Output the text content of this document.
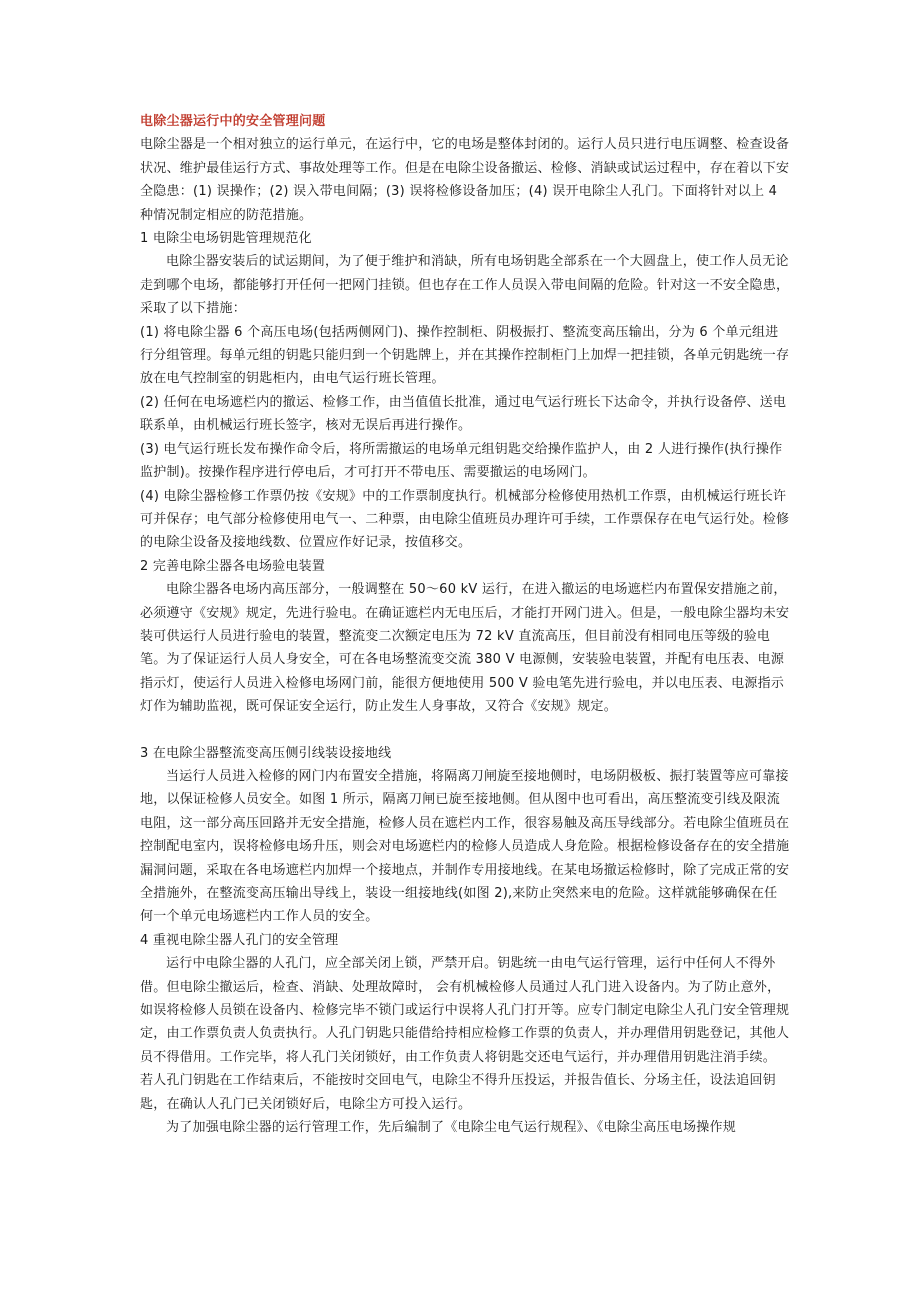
电除尘器运行中的安全管理问题

电除尘器是一个相对独立的运行单元，在运行中，它的电场是整体封闭的。运行人员只进行电压调整、检查设备状况、维护最佳运行方式、事故处理等工作。但是在电除尘设备撤运、检修、消缺或试运过程中，存在着以下安全隐患：(1) 误操作；(2) 误入带电间隔；(3) 误将检修设备加压；(4) 误开电除尘人孔门。下面将针对以上 4 种情况制定相应的防范措施。

1 电除尘电场钥匙管理规范化

电除尘器安装后的试运期间，为了便于维护和消缺，所有电场钥匙全部系在一个大圆盘上，使工作人员无论走到哪个电场，都能够打开任何一把网门挂锁。但也存在工作人员误入带电间隔的危险。针对这一不安全隐患，采取了以下措施：

(1) 将电除尘器 6 个高压电场(包括两侧网门)、操作控制柜、阴极振打、整流变高压输出，分为 6 个单元组进行分组管理。每单元组的钥匙只能归到一个钥匙牌上，并在其操作控制柜门上加焊一把挂锁，各单元钥匙统一存放在电气控制室的钥匙柜内，由电气运行班长管理。

(2) 任何在电场遮栏内的撤运、检修工作，由当值值长批准，通过电气运行班长下达命令，并执行设备停、送电联系单，由机械运行班长签字，核对无误后再进行操作。

(3) 电气运行班长发布操作命令后，将所需撤运的电场单元组钥匙交给操作监护人，由 2 人进行操作(执行操作监护制)。按操作程序进行停电后，才可打开不带电压、需要撤运的电场网门。

(4) 电除尘器检修工作票仍按《安规》中的工作票制度执行。机械部分检修使用热机工作票，由机械运行班长许可并保存；电气部分检修使用电气一、二种票，由电除尘值班员办理许可手续，工作票保存在电气运行处。检修的电除尘设备及接地线数、位置应作好记录，按值移交。

2 完善电除尘器各电场验电装置

电除尘器各电场内高压部分，一般调整在 50～60 kV 运行，在进入撤运的电场遮栏内布置保安措施之前，必须遵守《安规》规定，先进行验电。在确证遮栏内无电压后，才能打开网门进入。但是，一般电除尘器均未安装可供运行人员进行验电的装置，整流变二次额定电压为 72 kV 直流高压，但目前没有相同电压等级的验电笔。为了保证运行人员人身安全，可在各电场整流变交流 380 V 电源侧，安装验电装置，并配有电压表、电源指示灯，使运行人员进入检修电场网门前，能很方便地使用 500 V 验电笔先进行验电，并以电压表、电源指示灯作为辅助监视，既可保证安全运行，防止发生人身事故，又符合《安规》规定。

3 在电除尘器整流变高压侧引线装设接地线

当运行人员进入检修的网门内布置安全措施，将隔离刀闸旋至接地侧时，电场阴极板、振打装置等应可靠接地，以保证检修人员安全。如图 1 所示，隔离刀闸已旋至接地侧。但从图中也可看出，高压整流变引线及限流电阻，这一部分高压回路并无安全措施，检修人员在遮栏内工作，很容易触及高压导线部分。若电除尘值班员在控制配电室内，误将检修电场升压，则会对电场遮栏内的检修人员造成人身危险。根据检修设备存在的安全措施漏洞问题，采取在各电场遮栏内加焊一个接地点，并制作专用接地线。在某电场撤运检修时，除了完成正常的安全措施外，在整流变高压输出导线上，装设一组接地线(如图 2),来防止突然来电的危险。这样就能够确保在任何一个单元电场遮栏内工作人员的安全。

4 重视电除尘器人孔门的安全管理

运行中电除尘器的人孔门，应全部关闭上锁，严禁开启。钥匙统一由电气运行管理，运行中任何人不得外借。但电除尘撤运后，检查、消缺、处理故障时， 会有机械检修人员通过人孔门进入设备内。为了防止意外，如误将检修人员锁在设备内、检修完毕不锁门或运行中误将人孔门打开等。应专门制定电除尘人孔门安全管理规定，由工作票负责人负责执行。人孔门钥匙只能借给持相应检修工作票的负责人，并办理借用钥匙登记，其他人员不得借用。工作完毕，将人孔门关闭锁好，由工作负责人将钥匙交还电气运行，并办理借用钥匙注消手续。 若人孔门钥匙在工作结束后，不能按时交回电气，电除尘不得升压投运，并报告值长、分场主任，设法追回钥匙，在确认人孔门已关闭锁好后，电除尘方可投入运行。

为了加强电除尘器的运行管理工作，先后编制了《电除尘电气运行规程》、《电除尘高压电场操作规
